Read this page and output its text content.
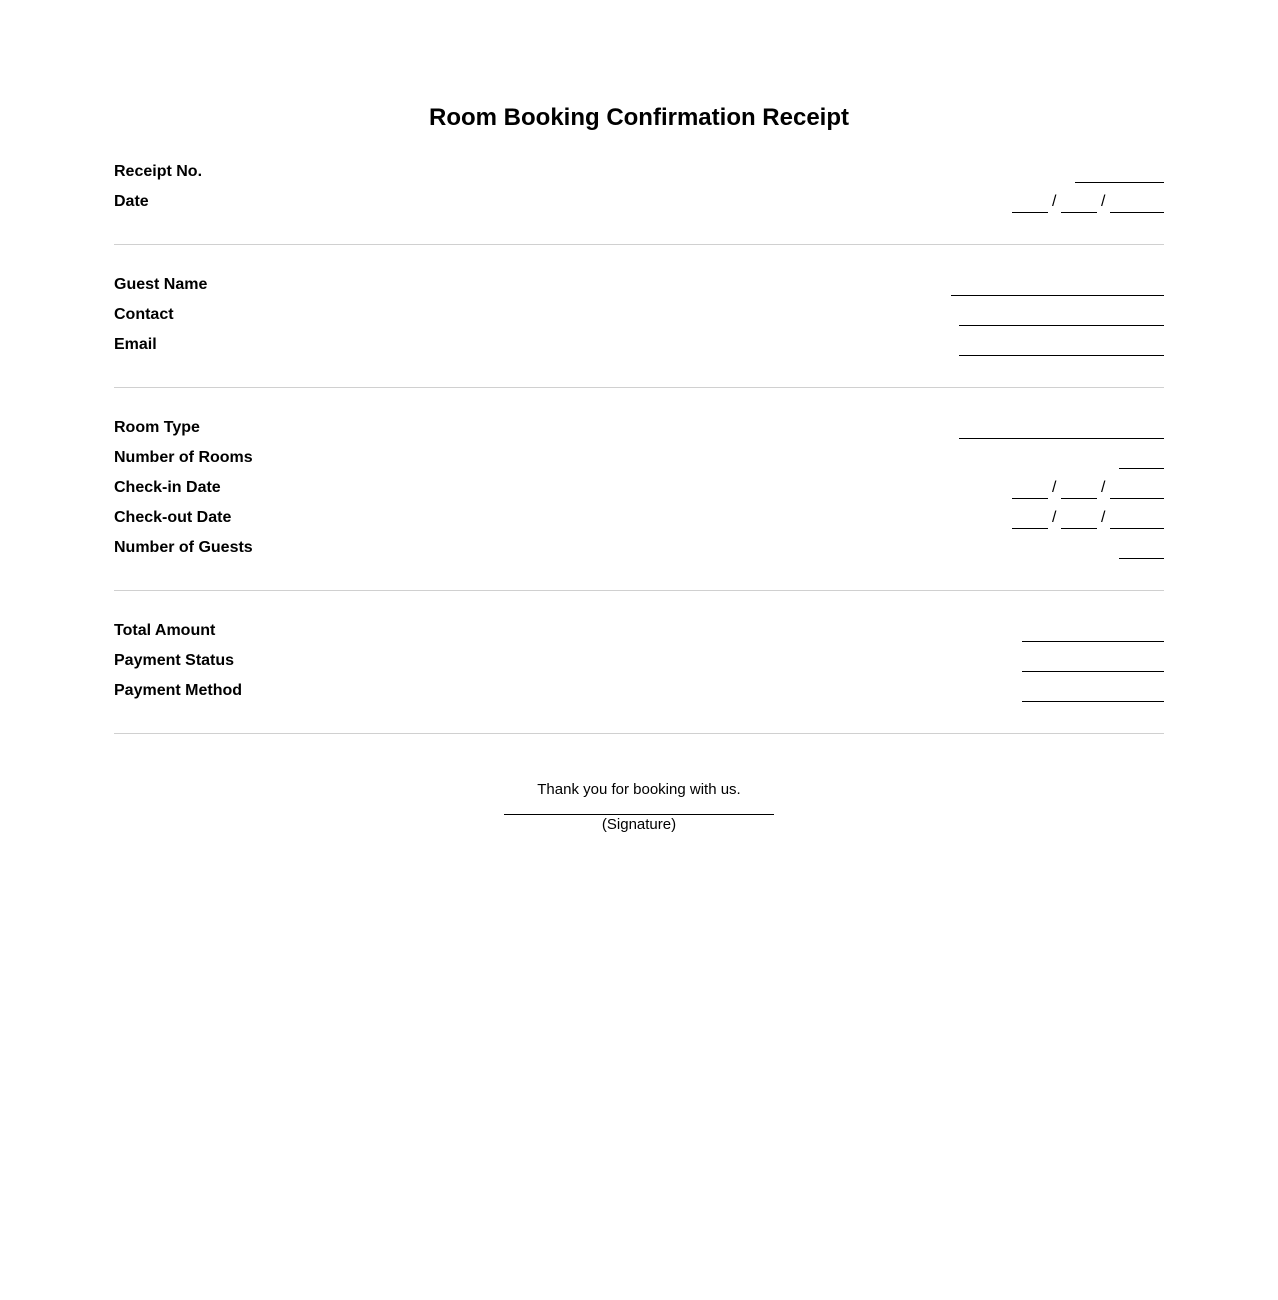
Room Booking Confirmation Receipt
Receipt No.
Date	/	/
Guest Name
Contact
Email
Room Type
Number of Rooms
Check-in Date	/	/
Check-out Date	/	/
Number of Guests
Total Amount
Payment Status
Payment Method
Thank you for booking with us.
(Signature)
